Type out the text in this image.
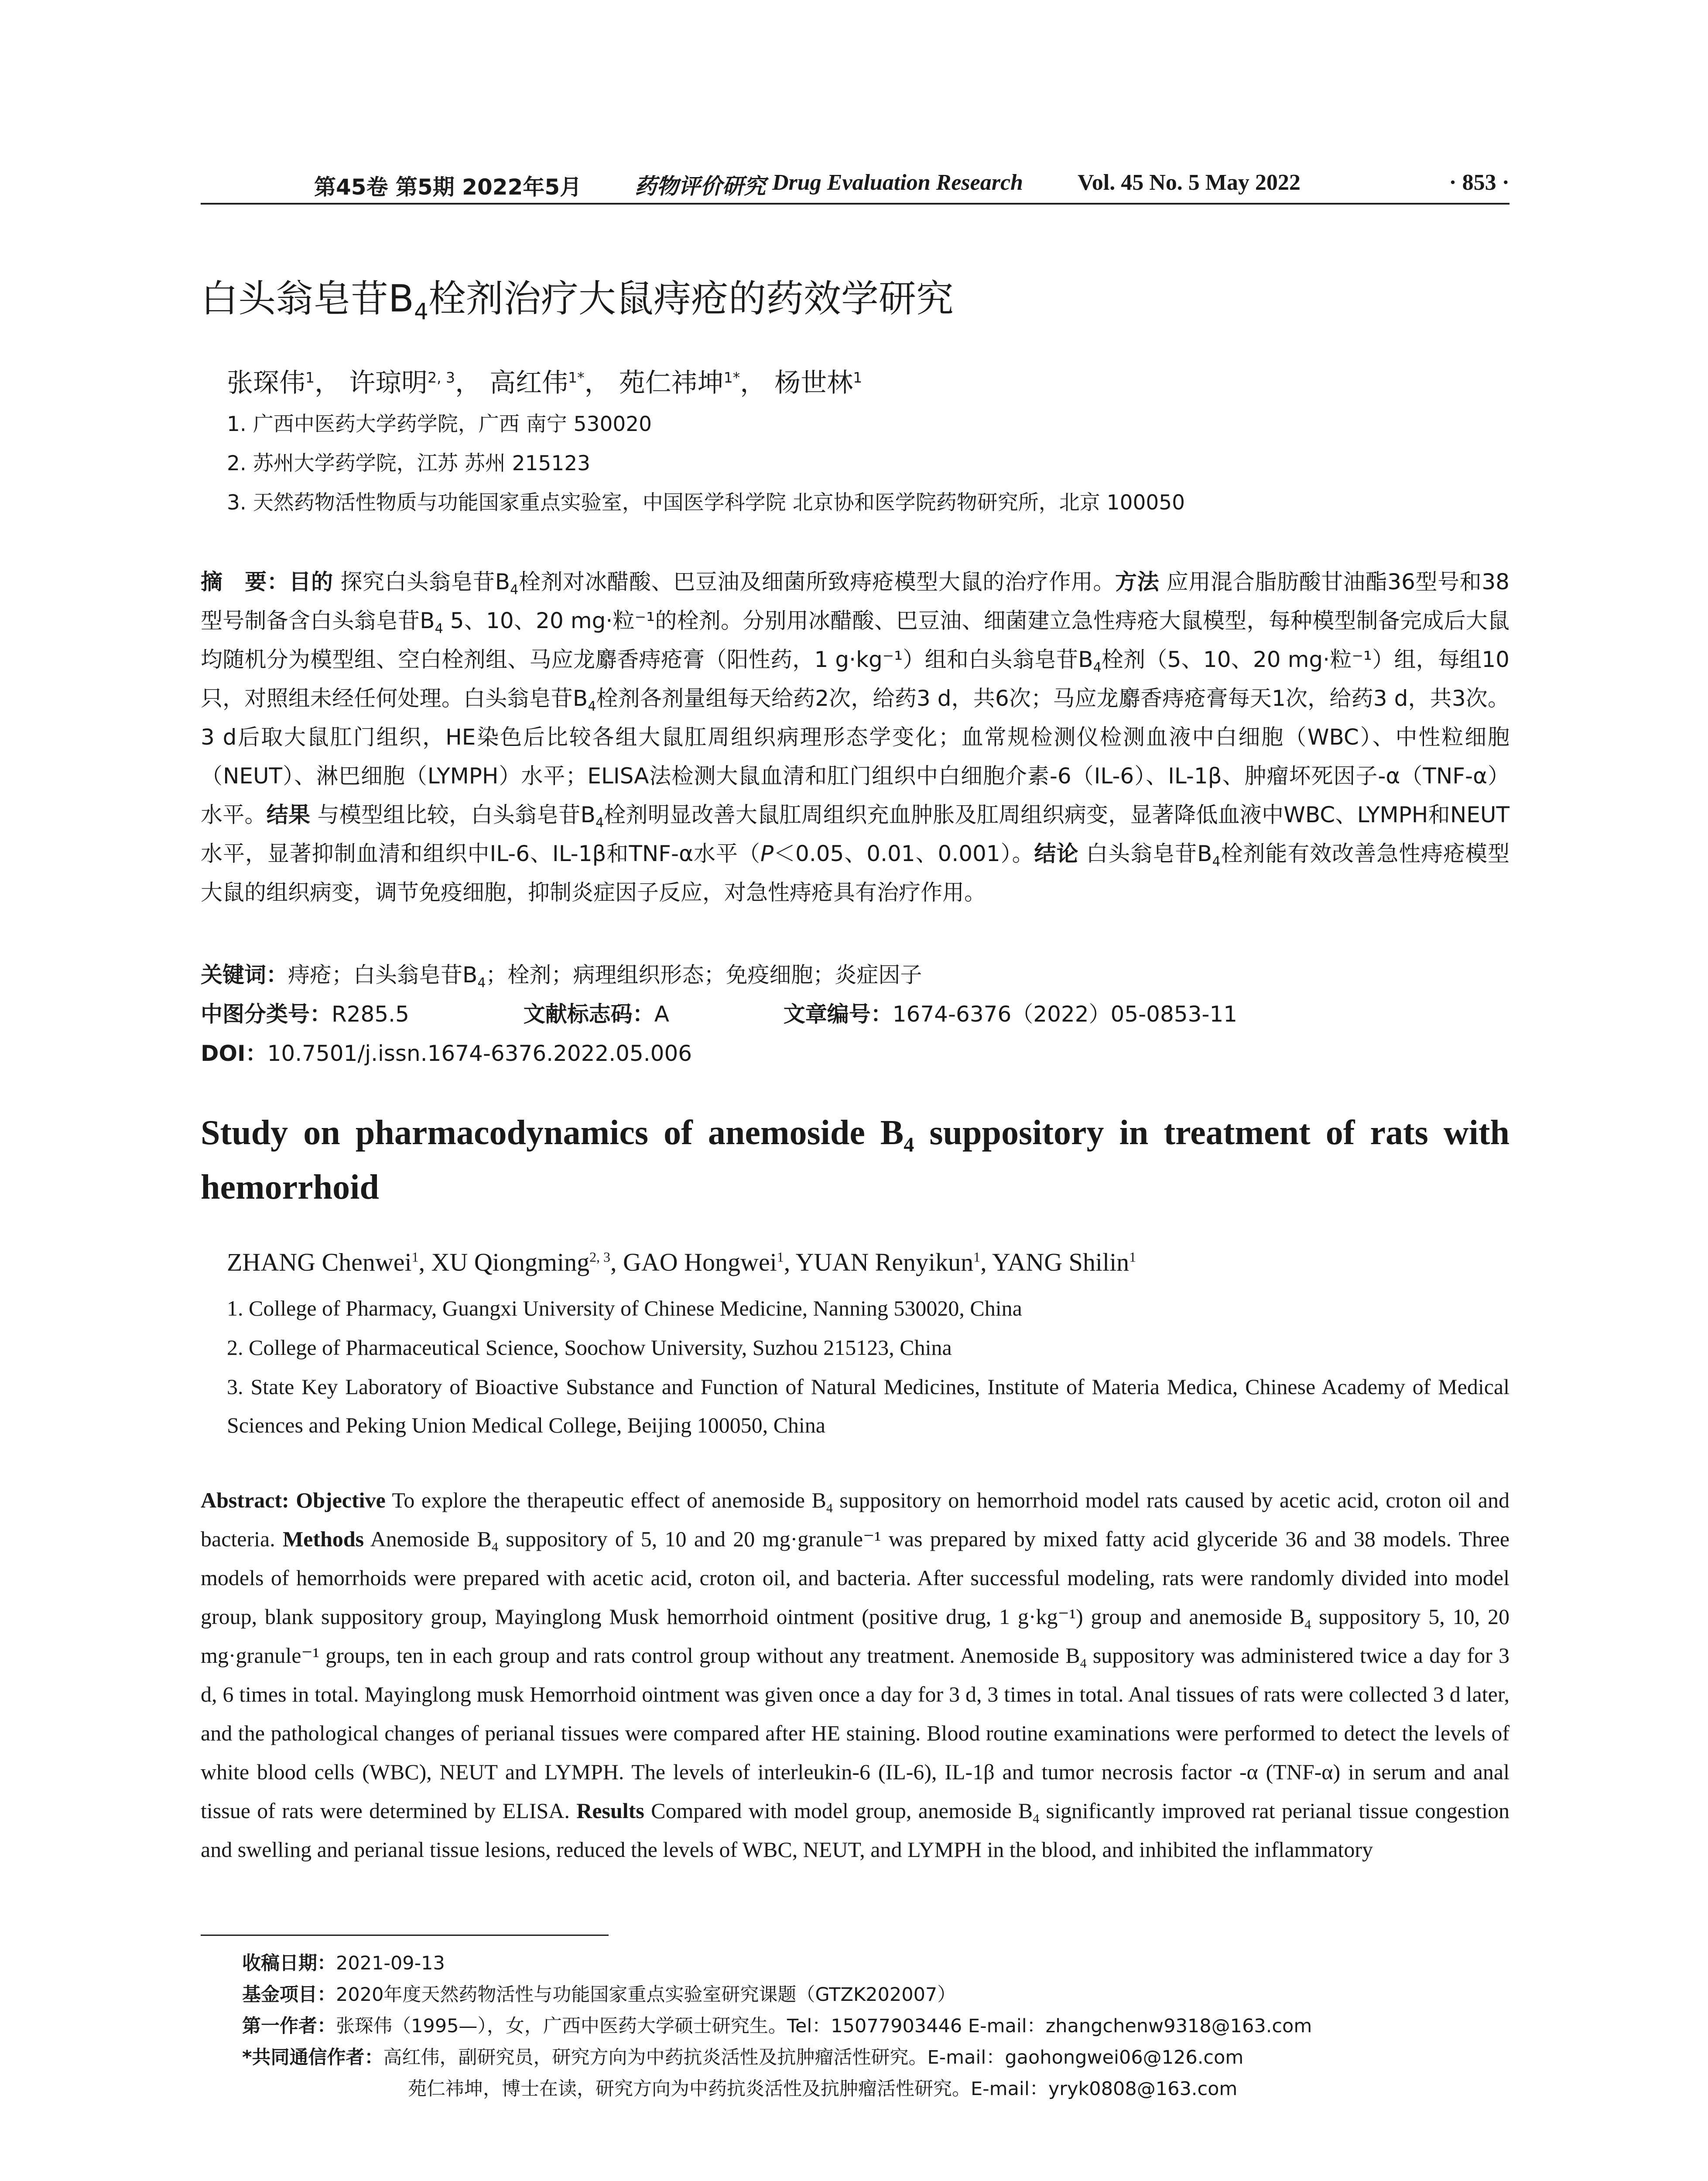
第45卷 第5期 2022年5月 药物评价研究 Drug Evaluation Research Vol. 45 No. 5 May 2022	· 853 ·
白头翁皂苷$B_4$栓剂治疗大鼠痔疮的药效学研究
张琛伟$^1$， 许琼明$^{2, 3}$， 高红伟$^{1*}$， 苑仁祎坤$^{1*}$， 杨世林$^1$
1. 广西中医药大学药学院，广西 南宁 530020
2. 苏州大学药学院，江苏 苏州 215123
3. 天然药物活性物质与功能国家重点实验室，中国医学科学院 北京协和医学院药物研究所，北京 100050
摘　要：目的 探究白头翁皂苷$B_4$栓剂对冰醋酸、巴豆油及细菌所致痔疮模型大鼠的治疗作用。方法 应用混合脂肪酸甘油酯36型号和38型号制备含白头翁皂苷$B_4$ 5、10、20 mg·粒⁻¹的栓剂。分别用冰醋酸、巴豆油、细菌建立急性痔疮大鼠模型，每种模型制备完成后大鼠均随机分为模型组、空白栓剂组、马应龙麝香痔疮膏（阳性药，1 g·kg⁻¹）组和白头翁皂苷$B_4$栓剂（5、10、20 mg·粒⁻¹）组，每组10只，对照组未经任何处理。白头翁皂苷$B_4$栓剂各剂量组每天给药2次，给药3 d，共6次；马应龙麝香痔疮膏每天1次，给药3 d，共3次。3 d后取大鼠肛门组织，HE染色后比较各组大鼠肛周组织病理形态学变化；血常规检测仪检测血液中白细胞（WBC）、中性粒细胞（NEUT）、淋巴细胞（LYMPH）水平；ELISA法检测大鼠血清和肛门组织中白细胞介素-6（IL-6）、IL-1β、肿瘤坏死因子-α（TNF-α）水平。结果 与模型组比较，白头翁皂苷$B_4$栓剂明显改善大鼠肛周组织充血肿胀及肛周组织病变，显著降低血液中WBC、LYMPH和NEUT水平，显著抑制血清和组织中IL-6、IL-1β和TNF-α水平（P＜0.05、0.01、0.001）。结论 白头翁皂苷$B_4$栓剂能有效改善急性痔疮模型大鼠的组织病变，调节免疫细胞，抑制炎症因子反应，对急性痔疮具有治疗作用。
关键词：痔疮；白头翁皂苷$B_4$；栓剂；病理组织形态；免疫细胞；炎症因子
中图分类号：R285.5	文献标志码：A	文章编号：1674-6376（2022）05-0853-11
DOI：10.7501/j.issn.1674-6376.2022.05.006
Study on pharmacodynamics of anemoside $B_4$ suppository in treatment of rats with hemorrhoid
ZHANG Chenwei$^1$, XU Qiongming$^{2, 3}$, GAO Hongwei$^1$, YUAN Renyikun$^1$, YANG Shilin$^1$
1. College of Pharmacy, Guangxi University of Chinese Medicine, Nanning 530020, China
2. College of Pharmaceutical Science, Soochow University, Suzhou 215123, China
3. State Key Laboratory of Bioactive Substance and Function of Natural Medicines, Institute of Materia Medica, Chinese Academy of Medical Sciences and Peking Union Medical College, Beijing 100050, China
Abstract: Objective To explore the therapeutic effect of anemoside $B_4$ suppository on hemorrhoid model rats caused by acetic acid, croton oil and bacteria. Methods Anemoside $B_4$ suppository of 5, 10 and 20 mg·granule⁻¹ was prepared by mixed fatty acid glyceride 36 and 38 models. Three models of hemorrhoids were prepared with acetic acid, croton oil, and bacteria. After successful modeling, rats were randomly divided into model group, blank suppository group, Mayinglong Musk hemorrhoid ointment (positive drug, 1 g·kg⁻¹) group and anemoside $B_4$ suppository 5, 10, 20 mg·granule⁻¹ groups, ten in each group and rats control group without any treatment. Anemoside $B_4$ suppository was administered twice a day for 3 d, 6 times in total. Mayinglong musk Hemorrhoid ointment was given once a day for 3 d, 3 times in total. Anal tissues of rats were collected 3 d later, and the pathological changes of perianal tissues were compared after HE staining. Blood routine examinations were performed to detect the levels of white blood cells (WBC), NEUT and LYMPH. The levels of interleukin-6 (IL-6), IL-1β and tumor necrosis factor -α (TNF-α) in serum and anal tissue of rats were determined by ELISA. Results Compared with model group, anemoside $B_4$ significantly improved rat perianal tissue congestion and swelling and perianal tissue lesions, reduced the levels of WBC, NEUT, and LYMPH in the blood, and inhibited the inflammatory
收稿日期：2021-09-13
基金项目：2020年度天然药物活性与功能国家重点实验室研究课题（GTZK202007）
第一作者：张琛伟（1995—），女，广西中医药大学硕士研究生。Tel：15077903446 E-mail：zhangchenw9318@163.com
*共同通信作者：高红伟，副研究员，研究方向为中药抗炎活性及抗肿瘤活性研究。E-mail：gaohongwei06@126.com
苑仁祎坤，博士在读，研究方向为中药抗炎活性及抗肿瘤活性研究。E-mail：yryk0808@163.com
